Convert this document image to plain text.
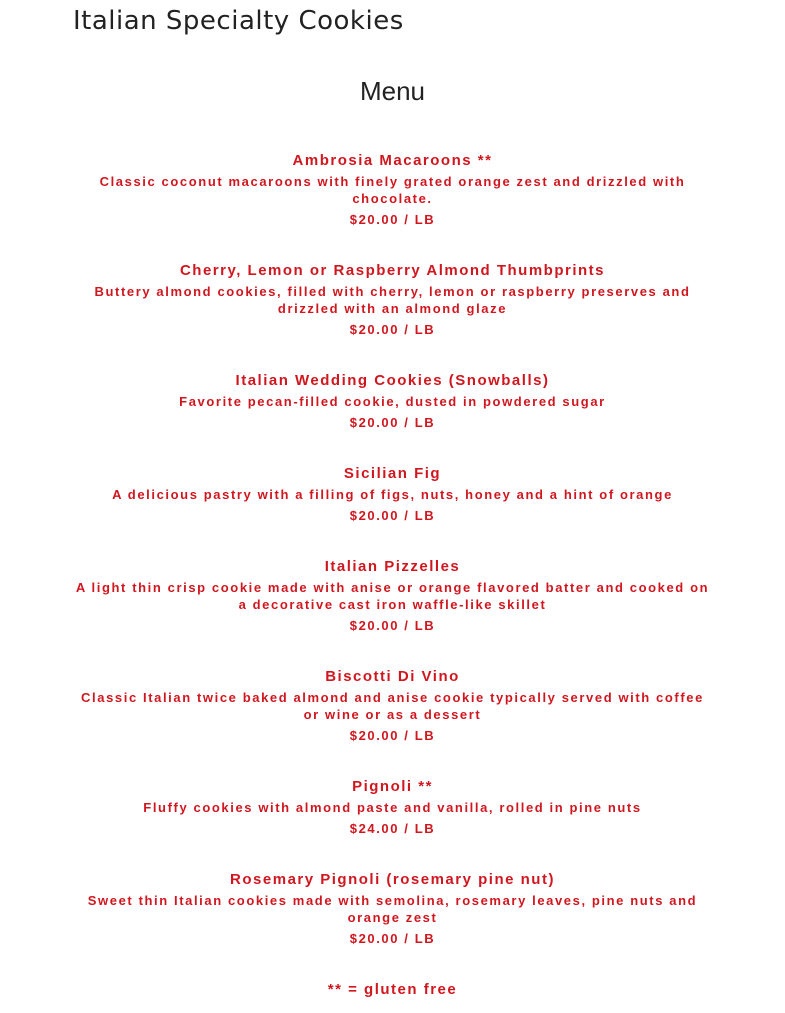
Italian Specialty Cookies
Menu

Ambrosia Macaroons **

Classic coconut macaroons with finely grated orange zest and drizzled with chocolate.

$20.00 / LB

Cherry, Lemon or Raspberry Almond Thumbprints

Buttery almond cookies, filled with cherry, lemon or raspberry preserves and drizzled with an almond glaze

$20.00 / LB

Italian Wedding Cookies (Snowballs)

Favorite pecan-filled cookie, dusted in powdered sugar

$20.00 / LB

Sicilian Fig

A delicious pastry with a filling of figs, nuts, honey and a hint of orange

$20.00 / LB

Italian Pizzelles

A light thin crisp cookie made with anise or orange flavored batter and cooked on a decorative cast iron waffle-like skillet

$20.00 / LB

Biscotti Di Vino

Classic Italian twice baked almond and anise cookie typically served with coffee or wine or as a dessert

$20.00 / LB

Pignoli **

Fluffy cookies with almond paste and vanilla, rolled in pine nuts

$24.00 / LB

Rosemary Pignoli (rosemary pine nut)

Sweet thin Italian cookies made with semolina, rosemary leaves, pine nuts and orange zest

$20.00 / LB

** = gluten free
